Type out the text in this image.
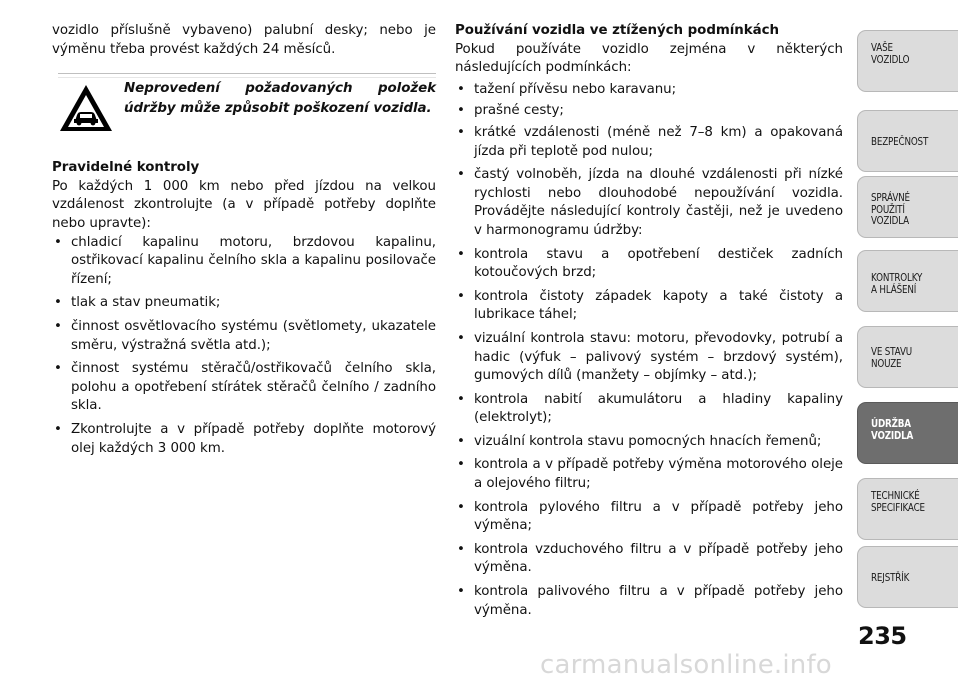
vozidlo příslušně vybaveno) palubní desky; nebo je výměnu třeba provést každých 24 měsíců.

Neprovedení požadovaných položek údržby může způsobit poškození vozidla.

Pravidelné kontroly

Po každých 1 000 km nebo před jízdou na velkou vzdálenost zkontrolujte (a v případě potřeby doplňte nebo upravte):

• chladicí kapalinu motoru, brzdovou kapalinu, ostřikovací kapalinu čelního skla a kapalinu posilovače řízení;
• tlak a stav pneumatik;
• činnost osvětlovacího systému (světlomety, ukazatele směru, výstražná světla atd.);
• činnost systému stěračů/ostřikovačů čelního skla, polohu a opotřebení stírátek stěračů čelního / zadního skla.
• Zkontrolujte a v případě potřeby doplňte motorový olej každých 3 000 km.

Používání vozidla ve ztížených podmínkách

Pokud používáte vozidlo zejména v některých následujících podmínkách:

• tažení přívěsu nebo karavanu;
• prašné cesty;
• krátké vzdálenosti (méně než 7–8 km) a opakovaná jízda při teplotě pod nulou;
• častý volnoběh, jízda na dlouhé vzdálenosti při nízké rychlosti nebo dlouhodobé nepoužívání vozidla. Provádějte následující kontroly častěji, než je uvedeno v harmonogramu údržby:
• kontrola stavu a opotřebení destiček zadních kotoučových brzd;
• kontrola čistoty západek kapoty a také čistoty a lubrikace táhel;
• vizuální kontrola stavu: motoru, převodovky, potrubí a hadic (výfuk – palivový systém – brzdový systém), gumových dílů (manžety – objímky – atd.);
• kontrola nabití akumulátoru a hladiny kapaliny (elektrolyt);
• vizuální kontrola stavu pomocných hnacích řemenů;
• kontrola a v případě potřeby výměna motorového oleje a olejového filtru;
• kontrola pylového filtru a v případě potřeby jeho výměna;
• kontrola vzduchového filtru a v případě potřeby jeho výměna.
• kontrola palivového filtru a v případě potřeby jeho výměna.
VAŠE
VOZIDLO
BEZPEČNOST
SPRÁVNÉ
POUŽITÍ
VOZIDLA
KONTROLKY
A HLÁŠENÍ
VE STAVU
NOUZE
ÚDRŽBA
VOZIDLA
TECHNICKÉ
SPECIFIKACE
REJSTŘÍK
235
carmanualsonline.info
